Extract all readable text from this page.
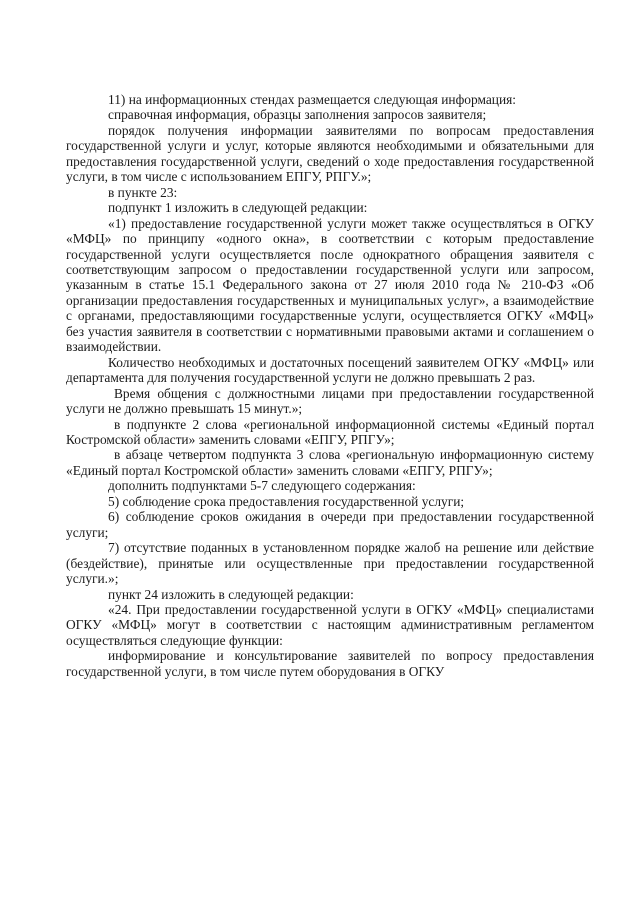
11) на информационных стендах размещается следующая информация:

справочная информация, образцы заполнения запросов заявителя;

порядок получения информации заявителями по вопросам предоставления государственной услуги и услуг, которые являются необходимыми и обязательными для предоставления государственной услуги, сведений о ходе предоставления государственной услуги, в том числе с использованием ЕПГУ, РПГУ.»;

в пункте 23:

подпункт 1 изложить в следующей редакции:

«1) предоставление государственной услуги может также осуществляться в ОГКУ «МФЦ» по принципу «одного окна», в соответствии с которым предоставление государственной услуги осуществляется после однократного обращения заявителя с соответствующим запросом о предоставлении государственной услуги или запросом, указанным в статье 15.1 Федерального закона от 27 июля 2010 года № 210-ФЗ «Об организации предоставления государственных и муниципальных услуг», а взаимодействие с органами, предоставляющими государственные услуги, осуществляется ОГКУ «МФЦ» без участия заявителя в соответствии с нормативными правовыми актами и соглашением о взаимодействии.

Количество необходимых и достаточных посещений заявителем ОГКУ «МФЦ» или департамента для получения государственной услуги не должно превышать 2 раз.

Время общения с должностными лицами при предоставлении государственной услуги не должно превышать 15 минут.»;

в подпункте 2 слова «региональной информационной системы «Единый портал Костромской области» заменить словами «ЕПГУ, РПГУ»;

в абзаце четвертом подпункта 3 слова «региональную информационную систему «Единый портал Костромской области» заменить словами «ЕПГУ, РПГУ»;

дополнить подпунктами 5-7 следующего содержания:

5) соблюдение срока предоставления государственной услуги;

6) соблюдение сроков ожидания в очереди при предоставлении государственной услуги;

7) отсутствие поданных в установленном порядке жалоб на решение или действие (бездействие), принятые или осуществленные при предоставлении государственной услуги.»;

пункт 24 изложить в следующей редакции:

«24. При предоставлении государственной услуги в ОГКУ «МФЦ» специалистами ОГКУ «МФЦ» могут в соответствии с настоящим административным регламентом осуществляться следующие функции:

информирование и консультирование заявителей по вопросу предоставления государственной услуги, в том числе путем оборудования в ОГКУ
